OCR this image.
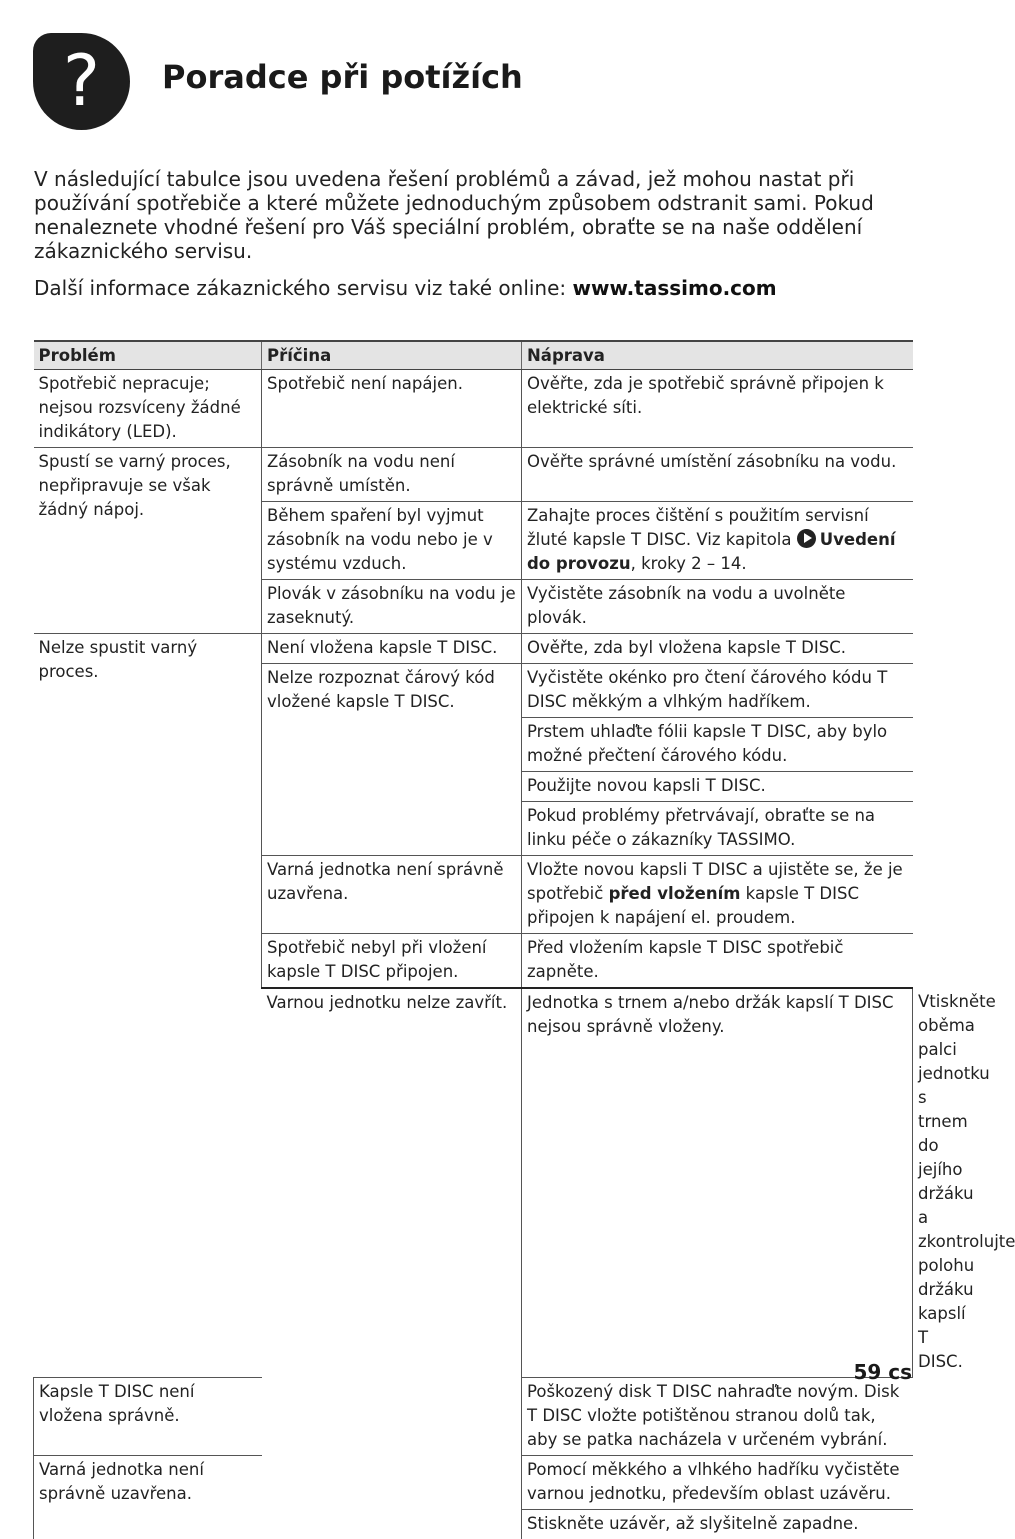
?	Poradce při potížích

V následující tabulce jsou uvedena řešení problémů a závad, jež mohou nastat při používání spotřebiče a které můžete jednoduchým způsobem odstranit sami. Pokud nenaleznete vhodné řešení pro Váš speciální problém, obraťte se na naše oddělení zákaznického servisu.

Další informace zákaznického servisu viz také online: www.tassimo.com

Problém	Příčina	Náprava	
Spotřebič nepracuje; nejsou rozsvíceny žádné indikátory (LED).	Spotřebič není napájen.	Ověřte, zda je spotřebič správně připojen k elektrické síti.	
Spustí se varný proces, nepřipravuje se však žádný nápoj.	Zásobník na vodu není správně umístěn.	Ověřte správné umístění zásobníku na vodu.	
	Během spaření byl vyjmut zásobník na vodu nebo je v systému vzduch.	Zahajte proces čištění s použitím servisní žluté kapsle T DISC. Viz kapitola Uvedení do provozu, kroky 2 – 14.	
	Plovák v zásobníku na vodu je zaseknutý.	Vyčistěte zásobník na vodu a uvolněte plovák.	
Nelze spustit varný proces.	Není vložena kapsle T DISC.	Ověřte, zda byl vložena kapsle T DISC.	
	Nelze rozpoznat čárový kód vložené kapsle T DISC.	Vyčistěte okénko pro čtení čárového kódu T DISC měkkým a vlhkým hadříkem.	
		Prstem uhlaďte fólii kapsle T DISC, aby bylo možné přečtení čárového kódu.	
		Použijte novou kapsli T DISC.	
		Pokud problémy přetrvávají, obraťte se na linku péče o zákazníky TASSIMO.	
	Varná jednotka není správně uzavřena.	Vložte novou kapsli T DISC a ujistěte se, že je spotřebič před vložením kapsle T DISC připojen k napájení el. proudem.	
	Spotřebič nebyl při vložení kapsle T DISC připojen.	Před vložením kapsle T DISC spotřebič zapněte.	
	Varnou jednotku nelze zavřít.	Jednotka s trnem a/nebo držák kapslí T DISC nejsou správně vloženy.	Vtiskněte oběma palci jednotku s trnem do jejího držáku a zkontrolujte polohu držáku kapslí T DISC.
Kapsle T DISC není vložena správně.		Poškozený disk T DISC nahraďte novým. Disk T DISC vložte potištěnou stranou dolů tak, aby se patka nacházela v určeném vybrání.	
Varná jednotka není správně uzavřena.		Pomocí měkkého a vlhkého hadříku vyčistěte varnou jednotku, především oblast uzávěru.	
		Stiskněte uzávěr, až slyšitelně zapadne.	
59 cs
